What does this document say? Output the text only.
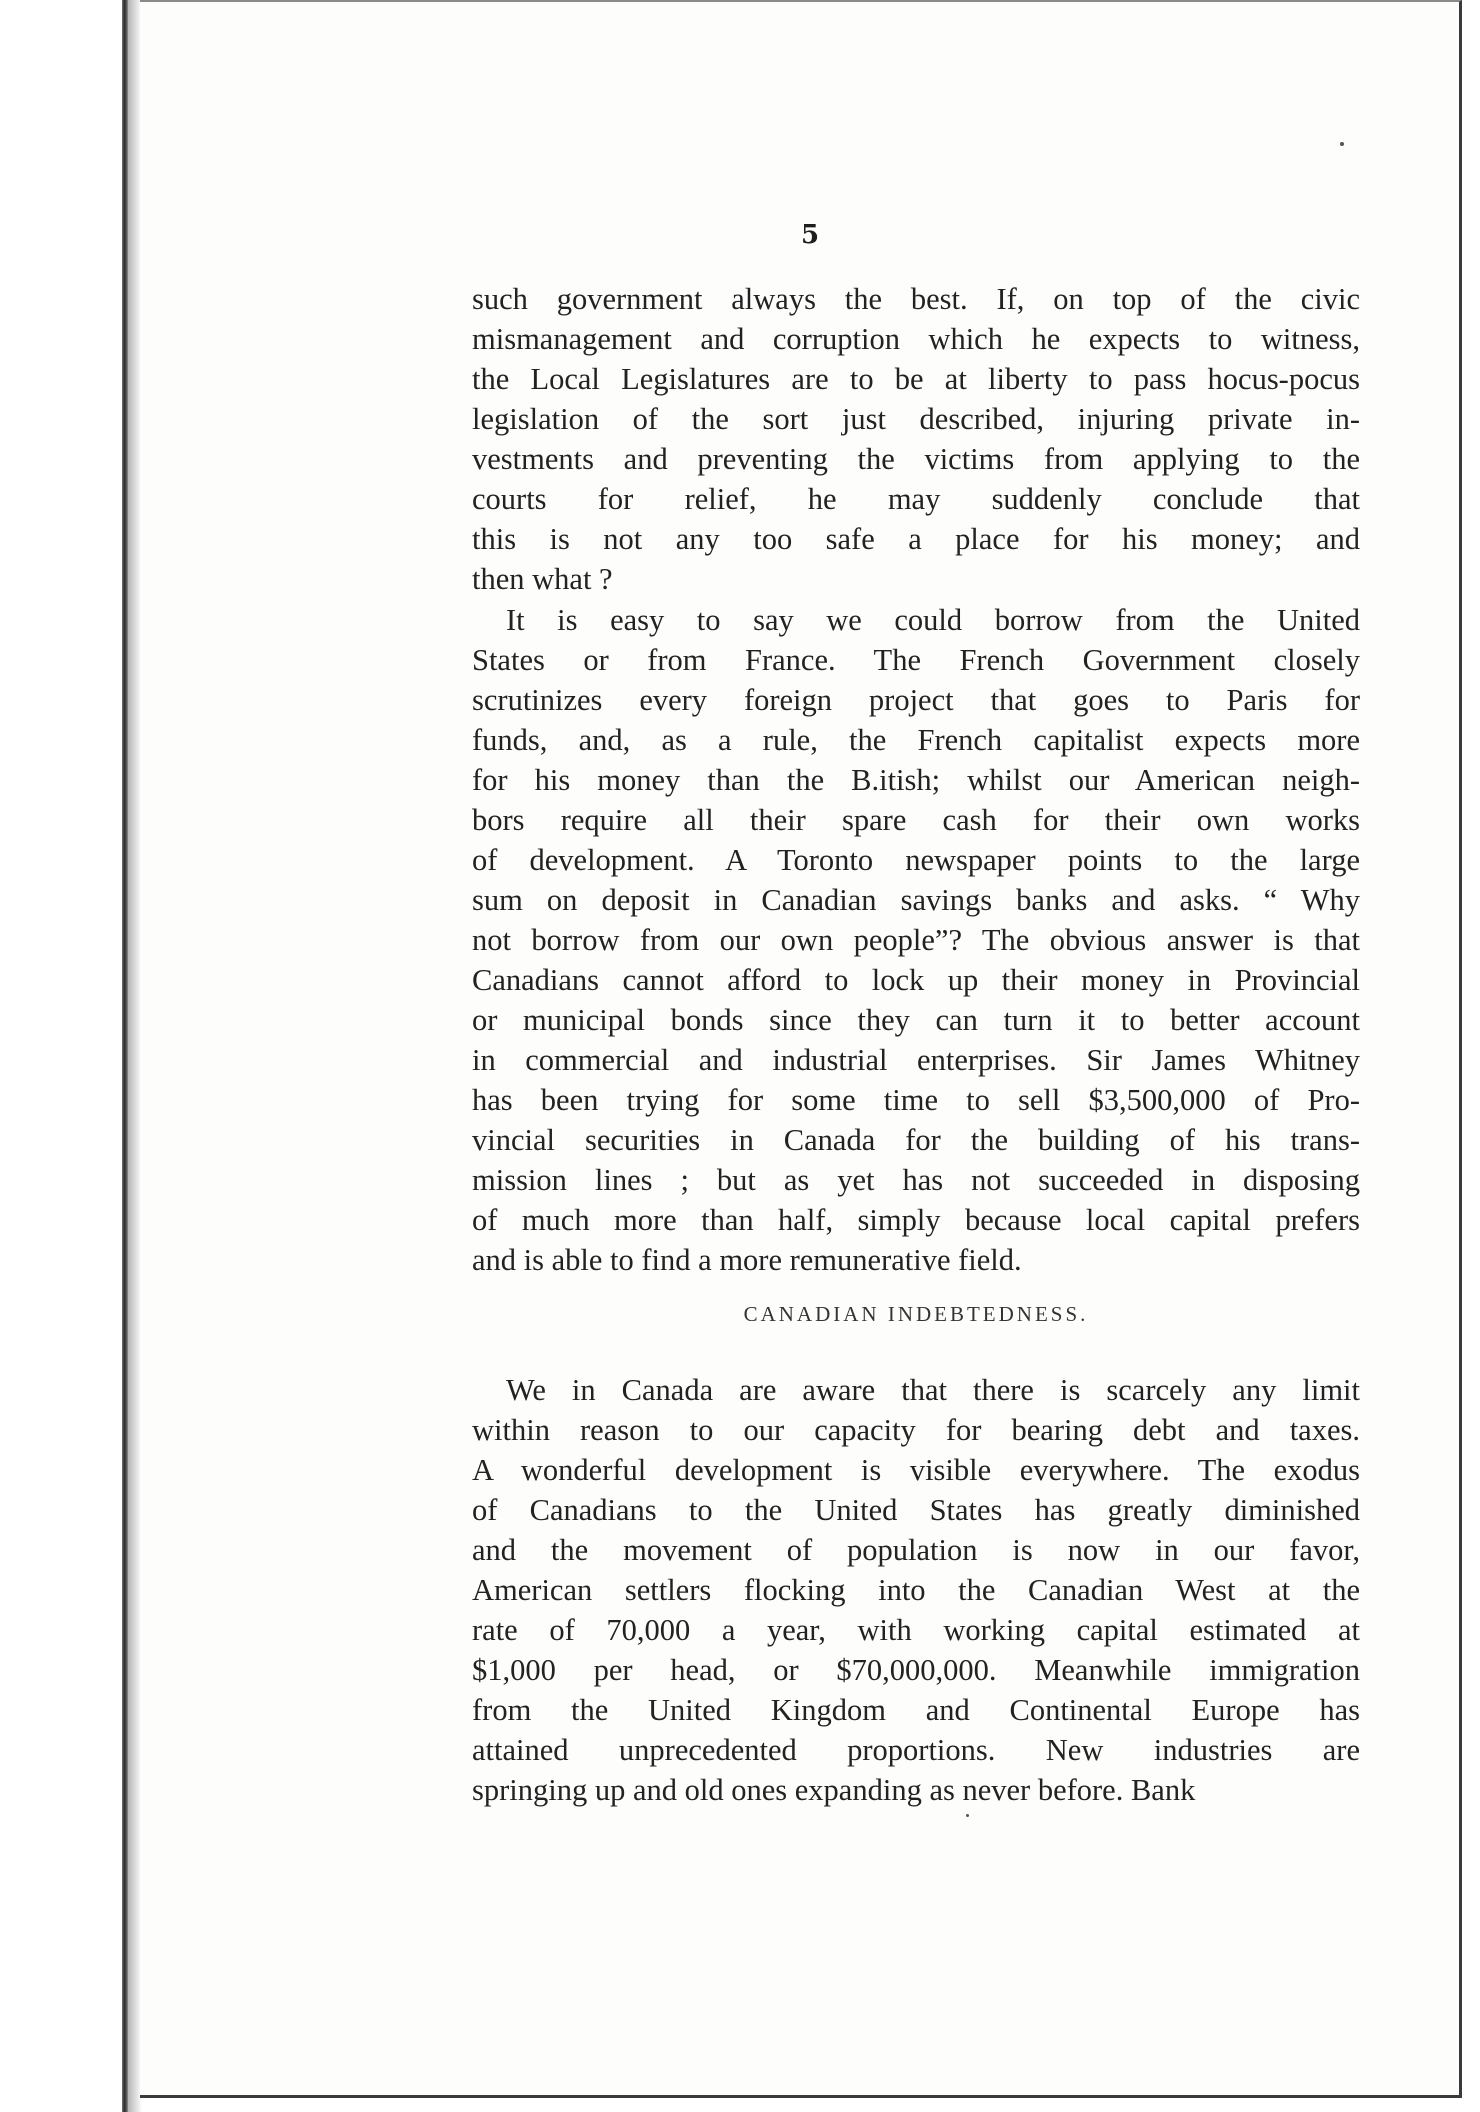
5

such government always the best. If, on top of the civic
mismanagement and corruption which he expects to witness,
the Local Legislatures are to be at liberty to pass hocus-pocus
legislation of the sort just described, injuring private in-
vestments and preventing the victims from applying to the
courts for relief, he may suddenly conclude that
this is not any too safe a place for his money; and
then what ?
It is easy to say we could borrow from the United
States or from France. The French Government closely
scrutinizes every foreign project that goes to Paris for
funds, and, as a rule, the French capitalist expects more
for his money than the B.itish; whilst our American neigh-
bors require all their spare cash for their own works
of development. A Toronto newspaper points to the large
sum on deposit in Canadian savings banks and asks. “ Why
not borrow from our own people”? The obvious answer is that
Canadians cannot afford to lock up their money in Provincial
or municipal bonds since they can turn it to better account
in commercial and industrial enterprises. Sir James Whitney
has been trying for some time to sell $3,500,000 of Pro-
vincial securities in Canada for the building of his trans-
mission lines ; but as yet has not succeeded in disposing
of much more than half, simply because local capital prefers
and is able to find a more remunerative field.

CANADIAN INDEBTEDNESS.

We in Canada are aware that there is scarcely any limit
within reason to our capacity for bearing debt and taxes.
A wonderful development is visible everywhere. The exodus
of Canadians to the United States has greatly diminished
and the movement of population is now in our favor,
American settlers flocking into the Canadian West at the
rate of 70,000 a year, with working capital estimated at
$1,000 per head, or $70,000,000. Meanwhile immigration
from the United Kingdom and Continental Europe has
attained unprecedented proportions. New industries are
springing up and old ones expanding as never before. Bank
